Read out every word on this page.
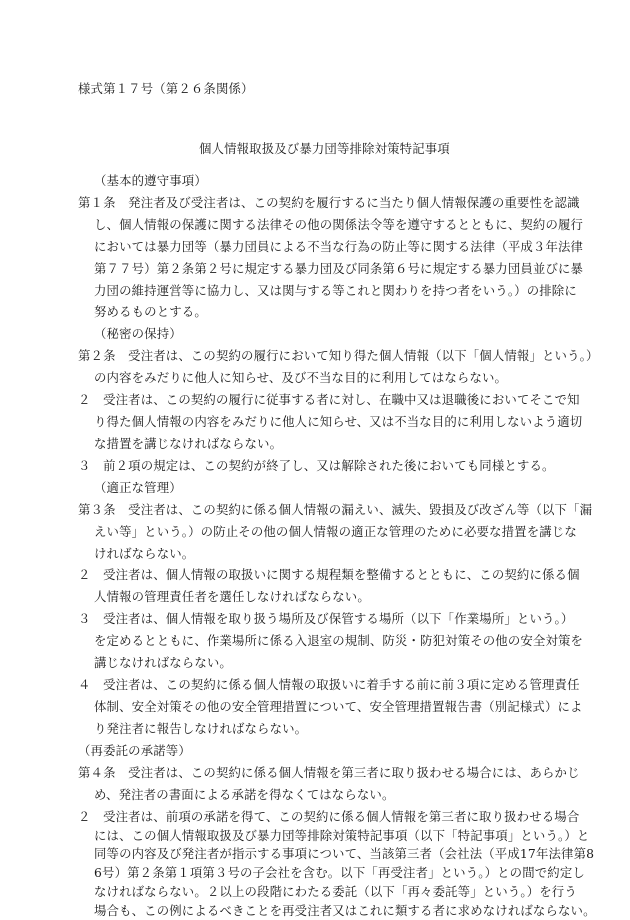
様式第１７号（第２６条関係）
個人情報取扱及び暴力団等排除対策特記事項
（基本的遵守事項）
第１条　発注者及び受注者は、この契約を履行するに当たり個人情報保護の重要性を認識
し、個人情報の保護に関する法律その他の関係法令等を遵守するとともに、契約の履行
においては暴力団等（暴力団員による不当な行為の防止等に関する法律（平成３年法律
第７７号）第２条第２号に規定する暴力団及び同条第６号に規定する暴力団員並びに暴
力団の維持運営等に協力し、又は関与する等これと関わりを持つ者をいう。）の排除に
努めるものとする。
（秘密の保持）
第２条　受注者は、この契約の履行において知り得た個人情報（以下「個人情報」という。）
の内容をみだりに他人に知らせ、及び不当な目的に利用してはならない。
２　受注者は、この契約の履行に従事する者に対し、在職中又は退職後においてそこで知
り得た個人情報の内容をみだりに他人に知らせ、又は不当な目的に利用しないよう適切
な措置を講じなければならない。
３　前２項の規定は、この契約が終了し、又は解除された後においても同様とする。
（適正な管理）
第３条　受注者は、この契約に係る個人情報の漏えい、滅失、毀損及び改ざん等（以下「漏
えい等」という。）の防止その他の個人情報の適正な管理のために必要な措置を講じな
ければならない。
２　受注者は、個人情報の取扱いに関する規程類を整備するとともに、この契約に係る個
人情報の管理責任者を選任しなければならない。
３　受注者は、個人情報を取り扱う場所及び保管する場所（以下「作業場所」という。）
を定めるとともに、作業場所に係る入退室の規制、防災・防犯対策その他の安全対策を
講じなければならない。
４　受注者は、この契約に係る個人情報の取扱いに着手する前に前３項に定める管理責任
体制、安全対策その他の安全管理措置について、安全管理措置報告書（別記様式）によ
り発注者に報告しなければならない。
（再委託の承諾等）
第４条　受注者は、この契約に係る個人情報を第三者に取り扱わせる場合には、あらかじ
め、発注者の書面による承諾を得なくてはならない。
２　受注者は、前項の承諾を得て、この契約に係る個人情報を第三者に取り扱わせる場合
には、この個人情報取扱及び暴力団等排除対策特記事項（以下「特記事項」という。）と
同等の内容及び発注者が指示する事項について、当該第三者（会社法（平成17年法律第8
6号）第２条第１項第３号の子会社を含む。以下「再受注者」という。）との間で約定し
なければならない。２以上の段階にわたる委託（以下「再々委託等」という。）を行う
場合も、この例によるべきことを再受注者又はこれに類する者に求めなければならない。
